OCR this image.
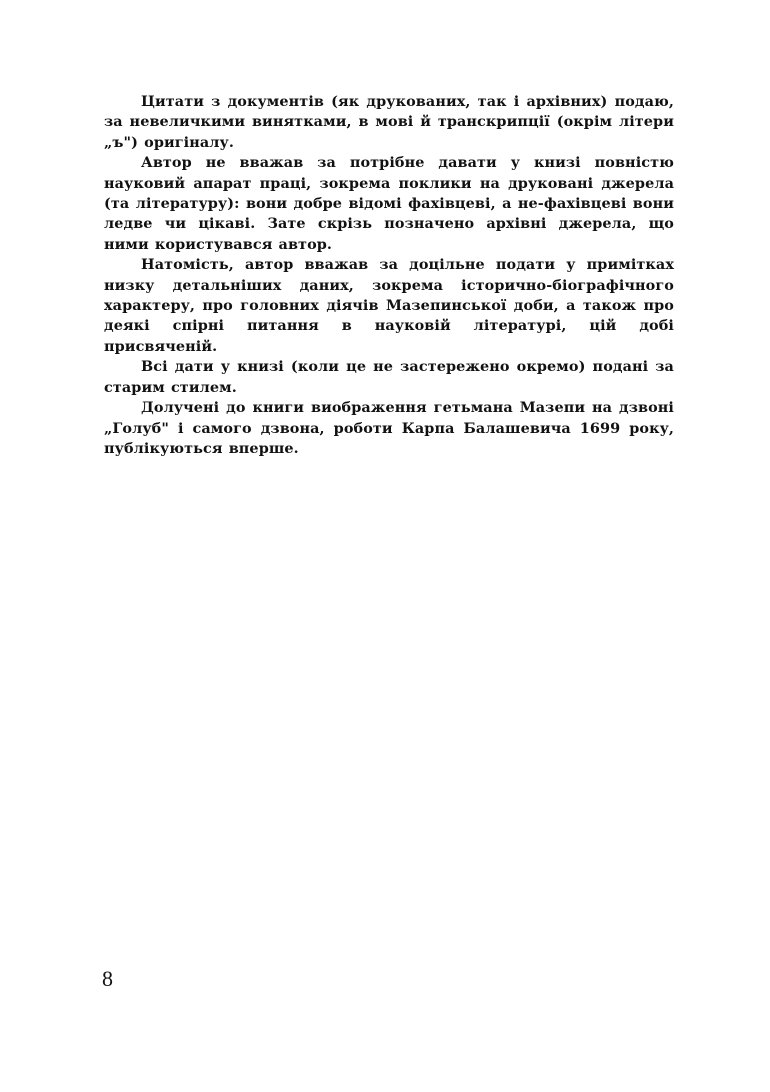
Цитати з документів (як друкованих, так і архівних) подаю, за невеличкими винятками, в мові й транскрипції (окрім літери „ъ") оригіналу.

Автор не вважав за потрібне давати у книзі повністю науковий апарат праці, зокрема поклики на друковані джерела (та літературу): вони добре відомі фахівцеві, а не-фахівцеві вони ледве чи цікаві. Зате скрізь позначено архівні джерела, що ними користувався автор.

Натомість, автор вважав за доцільне подати у примітках низку детальніших даних, зокрема історично-біографічного характеру, про головних діячів Мазепинської доби, а також про деякі спірні питання в науковій літературі, цій добі присвяченій.

Всі дати у книзі (коли це не застережено окремо) подані за старим стилем.

Долучені до книги виображення гетьмана Мазепи на дзвоні „Голуб" і самого дзвона, роботи Карпа Балашевича 1699 року, публікуються вперше.

8
